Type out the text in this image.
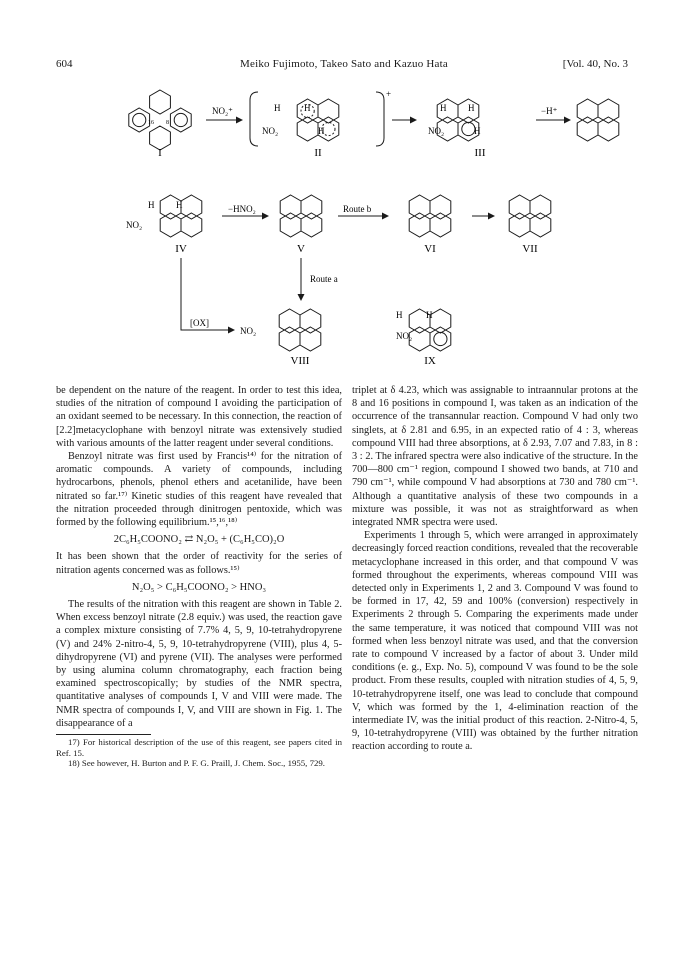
604	Meiko Fujimoto, Takeo Sato and Kazuo Hata	[Vol. 40, No. 3
16 8
I
NO₂⁺
+
H	H
NO₂	H
II
H H
NO₂	H
III
−H⁺
H H
NO₂
IV
−HNO₂
V
Route b
VI	VII
Route a
[OX]
NO₂
VIII
H	H
NO₂
IX

be dependent on the nature of the reagent. In order to test this idea, studies of the nitration of compound I avoiding the participation of an oxidant seemed to be necessary. In this connection, the reaction of [2.2]metacyclophane with benzoyl nitrate was extensively studied with various amounts of the latter reagent under several conditions.

Benzoyl nitrate was first used by Francis¹⁴⁾ for the nitration of aromatic compounds. A variety of compounds, including hydrocarbons, phenols, phenol ethers and acetanilide, have been nitrated so far.¹⁷⁾ Kinetic studies of this reagent have revealed that the nitration proceeded through dinitrogen pentoxide, which was formed by the following equilibrium.¹⁵,¹⁶,¹⁸⁾

2C₆H₅COONO₂ ⇄ N₂O₅ + (C₆H₅CO)₂O

It has been shown that the order of reactivity for the series of nitration agents concerned was as follows.¹⁵⁾

N₂O₅ > C₆H₅COONO₂ > HNO₃

The results of the nitration with this reagent are shown in Table 2. When excess benzoyl nitrate (2.8 equiv.) was used, the reaction gave a complex mixture consisting of 7.7% 4, 5, 9, 10-tetrahydropyrene (V) and 24% 2-nitro-4, 5, 9, 10-tetrahydropyrene (VIII), plus 4, 5-dihydropyrene (VI) and pyrene (VII). The analyses were performed by using alumina column chromatography, each fraction being examined spectroscopically; by studies of the NMR spectra, quantitative analyses of compounds I, V and VIII were made. The NMR spectra of compounds I, V, and VIII are shown in Fig. 1. The disappearance of a

17) For historical description of the use of this reagent, see papers cited in Ref. 15.

18) See however, H. Burton and P. F. G. Praill, J. Chem. Soc., 1955, 729.

triplet at δ 4.23, which was assignable to intraannular protons at the 8 and 16 positions in compound I, was taken as an indication of the occurrence of the transannular reaction. Compound V had only two singlets, at δ 2.81 and 6.95, in an expected ratio of 4 : 3, whereas compound VIII had three absorptions, at δ 2.93, 7.07 and 7.83, in 8 : 3 : 2. The infrared spectra were also indicative of the structure. In the 700—800 cm⁻¹ region, compound I showed two bands, at 710 and 790 cm⁻¹, while compound V had absorptions at 730 and 780 cm⁻¹. Although a quantitative analysis of these two compounds in a mixture was possible, it was not as straightforward as when integrated NMR spectra were used.

Experiments 1 through 5, which were arranged in approximately decreasingly forced reaction conditions, revealed that the recoverable metacyclophane increased in this order, and that compound V was formed throughout the experiments, whereas compound VIII was detected only in Experiments 1, 2 and 3. Compound V was found to be formed in 17, 42, 59 and 100% (conversion) respectively in Experiments 2 through 5. Comparing the experiments made under the same temperature, it was noticed that compound VIII was not formed when less benzoyl nitrate was used, and that the conversion rate to compound V increased by a factor of about 3. Under mild conditions (e. g., Exp. No. 5), compound V was found to be the sole product. From these results, coupled with nitration studies of 4, 5, 9, 10-tetrahydropyrene itself, one was lead to conclude that compound V, which was formed by the 1, 4-elimination reaction of the intermediate IV, was the initial product of this reaction. 2-Nitro-4, 5, 9, 10-tetrahydropyrene (VIII) was obtained by the further nitration reaction according to route a.
